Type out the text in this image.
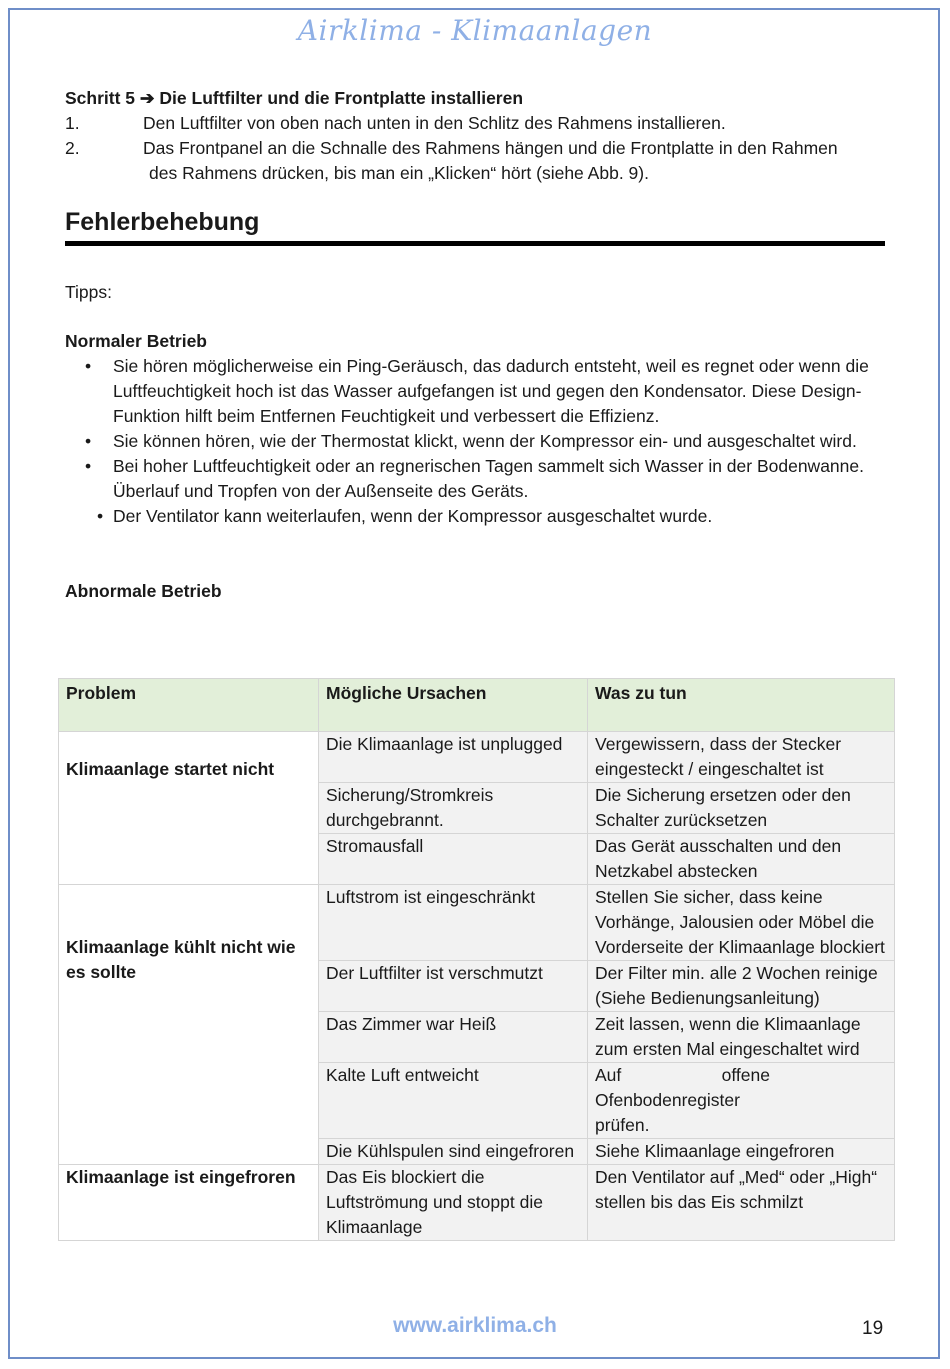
Airklima - Klimaanlagen
Schritt 5 ➔ Die Luftfilter und die Frontplatte installieren
1.	Den Luftfilter von oben nach unten in den Schlitz des Rahmens installieren.
2.	Das Frontpanel an die Schnalle des Rahmens hängen und die Frontplatte in den Rahmen
des Rahmens drücken, bis man ein „Klicken“ hört (siehe Abb. 9).
Fehlerbehebung
Tipps:
Normaler Betrieb
• Sie hören möglicherweise ein Ping-Geräusch, das dadurch entsteht, weil es regnet oder wenn die Luftfeuchtigkeit hoch ist das Wasser aufgefangen ist und gegen den Kondensator. Diese Design-Funktion hilft beim Entfernen Feuchtigkeit und verbessert die Effizienz.
• Sie können hören, wie der Thermostat klickt, wenn der Kompressor ein- und ausgeschaltet wird.
• Bei hoher Luftfeuchtigkeit oder an regnerischen Tagen sammelt sich Wasser in der Bodenwanne.
Überlauf und Tropfen von der Außenseite des Geräts.
• Der Ventilator kann weiterlaufen, wenn der Kompressor ausgeschaltet wurde.
Abnormale Betrieb
Problem	Mögliche Ursachen	Was zu tun
Klimaanlage startet nicht	Die Klimaanlage ist unplugged	Vergewissern, dass der Stecker eingesteckt / eingeschaltet ist
	Sicherung/Stromkreis durchgebrannt.	Die Sicherung ersetzen oder den Schalter zurücksetzen
	Stromausfall	Das Gerät ausschalten und den Netzkabel abstecken
Klimaanlage kühlt nicht wie es sollte	Luftstrom ist eingeschränkt	Stellen Sie sicher, dass keine Vorhänge, Jalousien oder Möbel die Vorderseite der Klimaanlage blockiert
	Der Luftfilter ist verschmutzt	Der Filter min. alle 2 Wochen reinige
(Siehe Bedienungsanleitung)

	Das Zimmer war Heiß	Zeit lassen, wenn die Klimaanlage zum ersten Mal eingeschaltet wird
	Kalte Luft entweicht	Auf offene
Ofenbodenregister prüfen.

	Die Kühlspulen sind eingefroren	Siehe Klimaanlage eingefroren
Klimaanlage ist eingefroren	Das Eis blockiert die Luftströmung und stoppt die Klimaanlage	Den Ventilator auf „Med“ oder „High“ stellen bis das Eis schmilzt
www.airklima.ch	19
